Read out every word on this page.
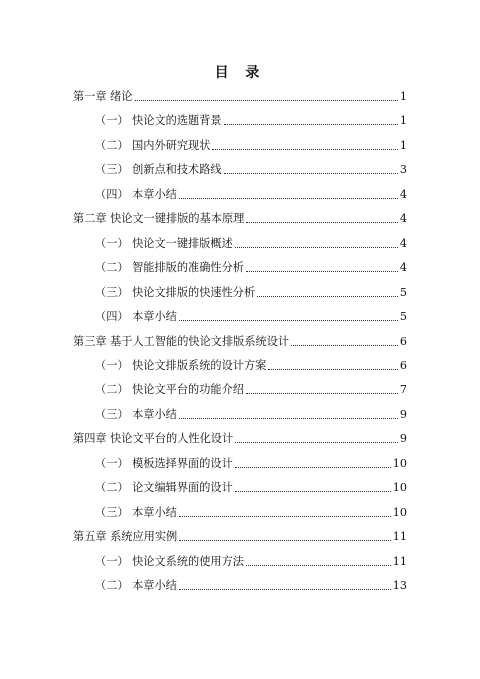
目 录
第一章 绪论	1
（一） 快论文的选题背景	1
（二） 国内外研究现状	1
（三） 创新点和技术路线	3
（四） 本章小结	4
第二章 快论文一键排版的基本原理	4
（一） 快论文一键排版概述	4
（二） 智能排版的准确性分析	4
（三） 快论文排版的快速性分析	5
（四） 本章小结	5
第三章 基于人工智能的快论文排版系统设计	6
（一） 快论文排版系统的设计方案	6
（二） 快论文平台的功能介绍	7
（三） 本章小结	9
第四章 快论文平台的人性化设计	9
（一） 模板选择界面的设计	10
（二） 论文编辑界面的设计	10
（三） 本章小结	10
第五章 系统应用实例	11
（一） 快论文系统的使用方法	11
（二） 本章小结	13
